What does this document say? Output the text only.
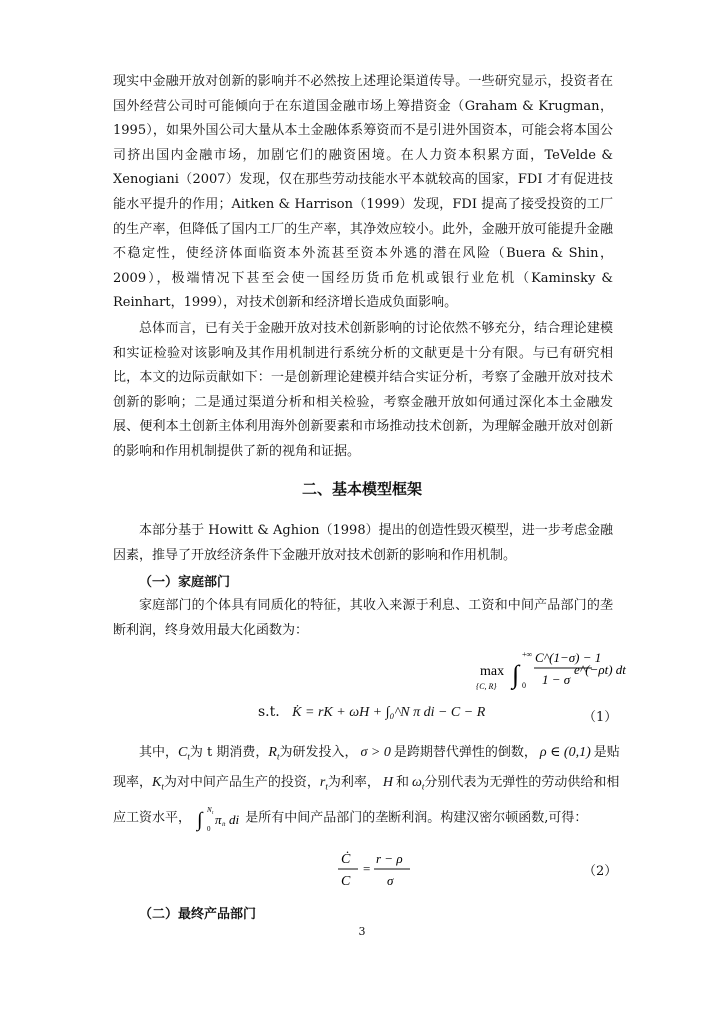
现实中金融开放对创新的影响并不必然按上述理论渠道传导。一些研究显示，投资者在国外经营公司时可能倾向于在东道国金融市场上筹措资金（Graham & Krugman，1995），如果外国公司大量从本土金融体系筹资而不是引进外国资本，可能会将本国公司挤出国内金融市场，加剧它们的融资困境。在人力资本积累方面，TeVelde & Xenogiani（2007）发现，仅在那些劳动技能水平本就较高的国家，FDI 才有促进技能水平提升的作用；Aitken & Harrison（1999）发现，FDI 提高了接受投资的工厂的生产率，但降低了国内工厂的生产率，其净效应较小。此外，金融开放可能提升金融不稳定性，使经济体面临资本外流甚至资本外逃的潜在风险（Buera & Shin，2009），极端情况下甚至会使一国经历货币危机或银行业危机（Kaminsky & Reinhart，1999），对技术创新和经济增长造成负面影响。

总体而言，已有关于金融开放对技术创新影响的讨论依然不够充分，结合理论建模和实证检验对该影响及其作用机制进行系统分析的文献更是十分有限。与已有研究相比，本文的边际贡献如下：一是创新理论建模并结合实证分析，考察了金融开放对技术创新的影响；二是通过渠道分析和相关检验，考察金融开放如何通过深化本土金融发展、便利本土创新主体利用海外创新要素和市场推动技术创新，为理解金融开放对创新的影响和作用机制提供了新的视角和证据。

二、基本模型框架

本部分基于 Howitt & Aghion（1998）提出的创造性毁灭模型，进一步考虑金融因素，推导了开放经济条件下金融开放对技术创新的影响和作用机制。

（一）家庭部门

家庭部门的个体具有同质化的特征，其收入来源于利息、工资和中间产品部门的垄断利润，终身效用最大化函数为：

max
{C, R} ∫
+∞
0
C^(1−σ) − 1
1 − σ
e^(−ρt) dt
s.t. K̇ = rK + ωH + ∫₀^N π di − C − R	（1）
其中，$C_t$为 t 期消费，$R_t$为研发投入， σ > 0 是跨期替代弹性的倒数， ρ ∈ (0,1) 是贴
现率，$K_t$为对中间产品生产的投资，$r_t$为利率， H 和 $\omega_t$分别代表为无弹性的劳动供给和相
应工资水平， ∫ N t
0
π it di 是所有中间产品部门的垄断利润。构建汉密尔顿函数,可得：
Ċ
C
=
r − ρ
σ
（2）
（二）最终产品部门
3
